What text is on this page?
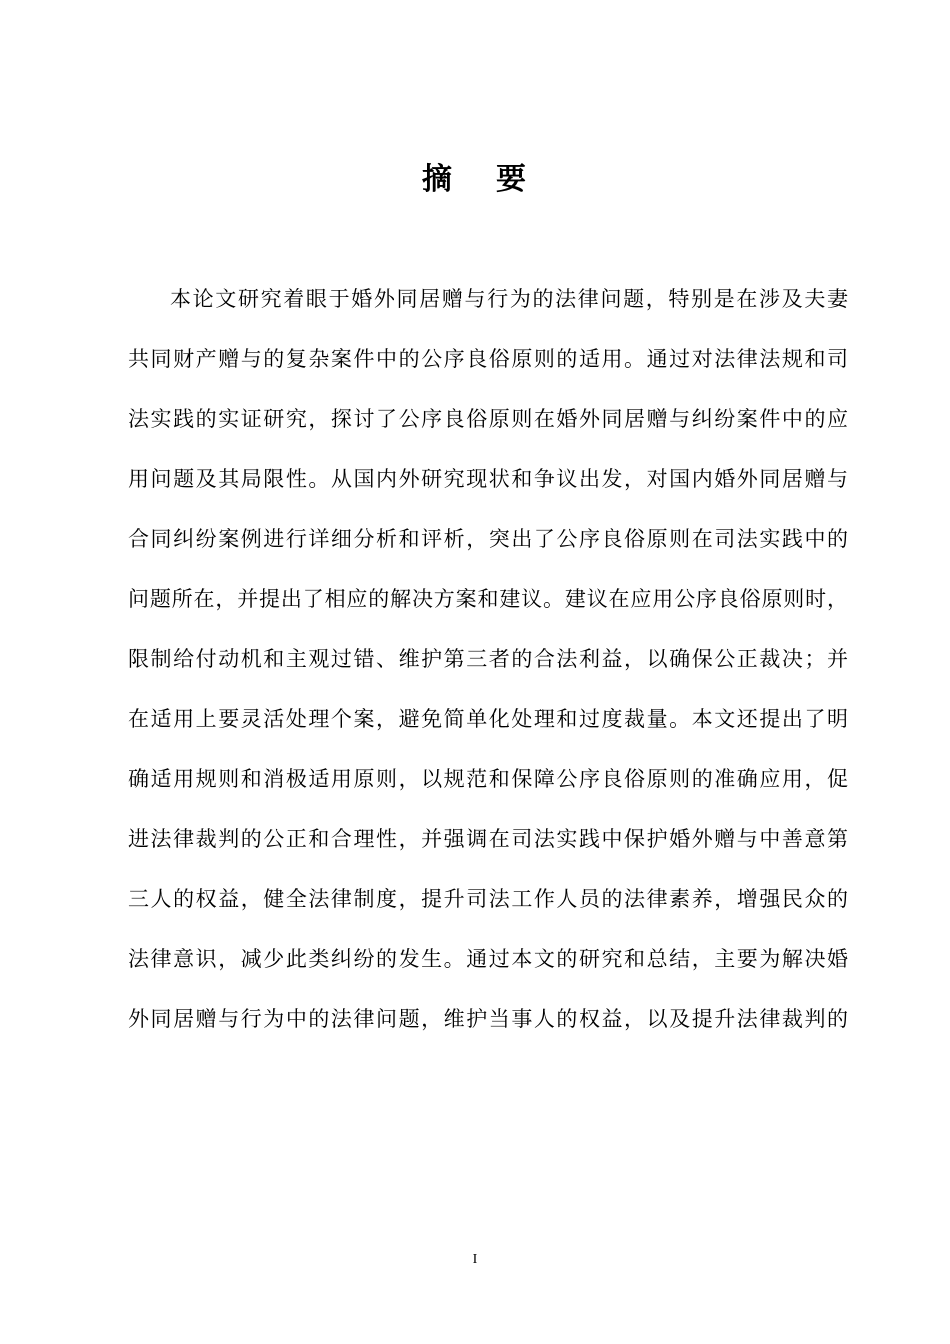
摘 要
本论文研究着眼于婚外同居赠与行为的法律问题，特别是在涉及夫妻
共同财产赠与的复杂案件中的公序良俗原则的适用。通过对法律法规和司
法实践的实证研究，探讨了公序良俗原则在婚外同居赠与纠纷案件中的应
用问题及其局限性。从国内外研究现状和争议出发，对国内婚外同居赠与
合同纠纷案例进行详细分析和评析，突出了公序良俗原则在司法实践中的
问题所在，并提出了相应的解决方案和建议。建议在应用公序良俗原则时，
限制给付动机和主观过错、维护第三者的合法利益，以确保公正裁决；并
在适用上要灵活处理个案，避免简单化处理和过度裁量。本文还提出了明
确适用规则和消极适用原则，以规范和保障公序良俗原则的准确应用，促
进法律裁判的公正和合理性，并强调在司法实践中保护婚外赠与中善意第
三人的权益，健全法律制度，提升司法工作人员的法律素养，增强民众的
法律意识，减少此类纠纷的发生。通过本文的研究和总结，主要为解决婚
外同居赠与行为中的法律问题，维护当事人的权益，以及提升法律裁判的
I
